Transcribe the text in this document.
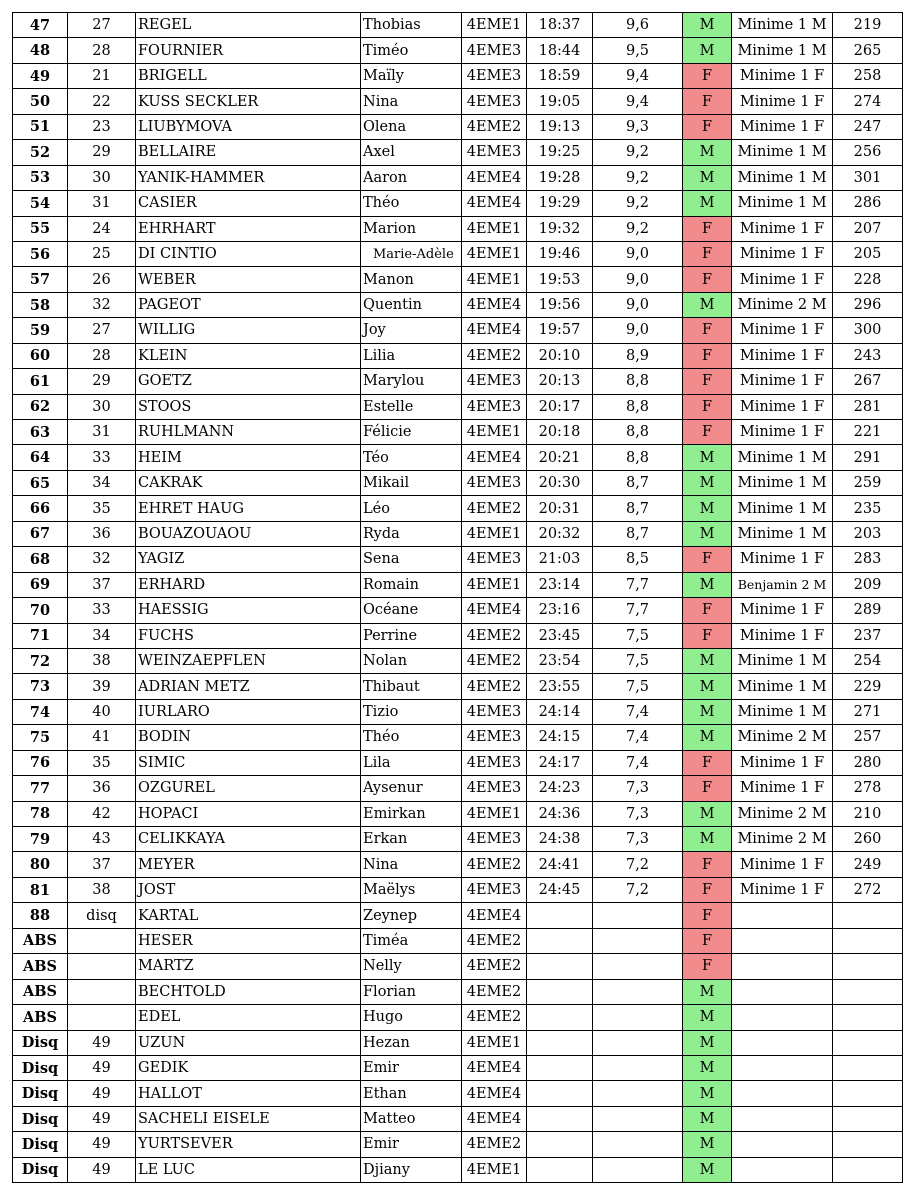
47	27	REGEL	Thobias	4EME1	18:37	9,6	M	Minime 1 M	219
48	28	FOURNIER	Timéo	4EME3	18:44	9,5	M	Minime 1 M	265
49	21	BRIGELL	Maïly	4EME3	18:59	9,4	F	Minime 1 F	258
50	22	KUSS SECKLER	Nina	4EME3	19:05	9,4	F	Minime 1 F	274
51	23	LIUBYMOVA	Olena	4EME2	19:13	9,3	F	Minime 1 F	247
52	29	BELLAIRE	Axel	4EME3	19:25	9,2	M	Minime 1 M	256
53	30	YANIK-HAMMER	Aaron	4EME4	19:28	9,2	M	Minime 1 M	301
54	31	CASIER	Théo	4EME4	19:29	9,2	M	Minime 1 M	286
55	24	EHRHART	Marion	4EME1	19:32	9,2	F	Minime 1 F	207
56	25	DI CINTIO	Marie-Adèle	4EME1	19:46	9,0	F	Minime 1 F	205
57	26	WEBER	Manon	4EME1	19:53	9,0	F	Minime 1 F	228
58	32	PAGEOT	Quentin	4EME4	19:56	9,0	M	Minime 2 M	296
59	27	WILLIG	Joy	4EME4	19:57	9,0	F	Minime 1 F	300
60	28	KLEIN	Lilia	4EME2	20:10	8,9	F	Minime 1 F	243
61	29	GOETZ	Marylou	4EME3	20:13	8,8	F	Minime 1 F	267
62	30	STOOS	Estelle	4EME3	20:17	8,8	F	Minime 1 F	281
63	31	RUHLMANN	Félicie	4EME1	20:18	8,8	F	Minime 1 F	221
64	33	HEIM	Téo	4EME4	20:21	8,8	M	Minime 1 M	291
65	34	CAKRAK	Mikail	4EME3	20:30	8,7	M	Minime 1 M	259
66	35	EHRET HAUG	Léo	4EME2	20:31	8,7	M	Minime 1 M	235
67	36	BOUAZOUAOU	Ryda	4EME1	20:32	8,7	M	Minime 1 M	203
68	32	YAGIZ	Sena	4EME3	21:03	8,5	F	Minime 1 F	283
69	37	ERHARD	Romain	4EME1	23:14	7,7	M	Benjamin 2 M	209
70	33	HAESSIG	Océane	4EME4	23:16	7,7	F	Minime 1 F	289
71	34	FUCHS	Perrine	4EME2	23:45	7,5	F	Minime 1 F	237
72	38	WEINZAEPFLEN	Nolan	4EME2	23:54	7,5	M	Minime 1 M	254
73	39	ADRIAN METZ	Thibaut	4EME2	23:55	7,5	M	Minime 1 M	229
74	40	IURLARO	Tizio	4EME3	24:14	7,4	M	Minime 1 M	271
75	41	BODIN	Théo	4EME3	24:15	7,4	M	Minime 2 M	257
76	35	SIMIC	Lila	4EME3	24:17	7,4	F	Minime 1 F	280
77	36	OZGUREL	Aysenur	4EME3	24:23	7,3	F	Minime 1 F	278
78	42	HOPACI	Emirkan	4EME1	24:36	7,3	M	Minime 2 M	210
79	43	CELIKKAYA	Erkan	4EME3	24:38	7,3	M	Minime 2 M	260
80	37	MEYER	Nina	4EME2	24:41	7,2	F	Minime 1 F	249
81	38	JOST	Maëlys	4EME3	24:45	7,2	F	Minime 1 F	272
88	disq	KARTAL	Zeynep	4EME4			F		
ABS		HESER	Timéa	4EME2			F		
ABS		MARTZ	Nelly	4EME2			F		
ABS		BECHTOLD	Florian	4EME2			M		
ABS		EDEL	Hugo	4EME2			M		
Disq	49	UZUN	Hezan	4EME1			M		
Disq	49	GEDIK	Emir	4EME4			M		
Disq	49	HALLOT	Ethan	4EME4			M		
Disq	49	SACHELI EISELE	Matteo	4EME4			M		
Disq	49	YURTSEVER	Emir	4EME2			M		
Disq	49	LE LUC	Djiany	4EME1			M		
